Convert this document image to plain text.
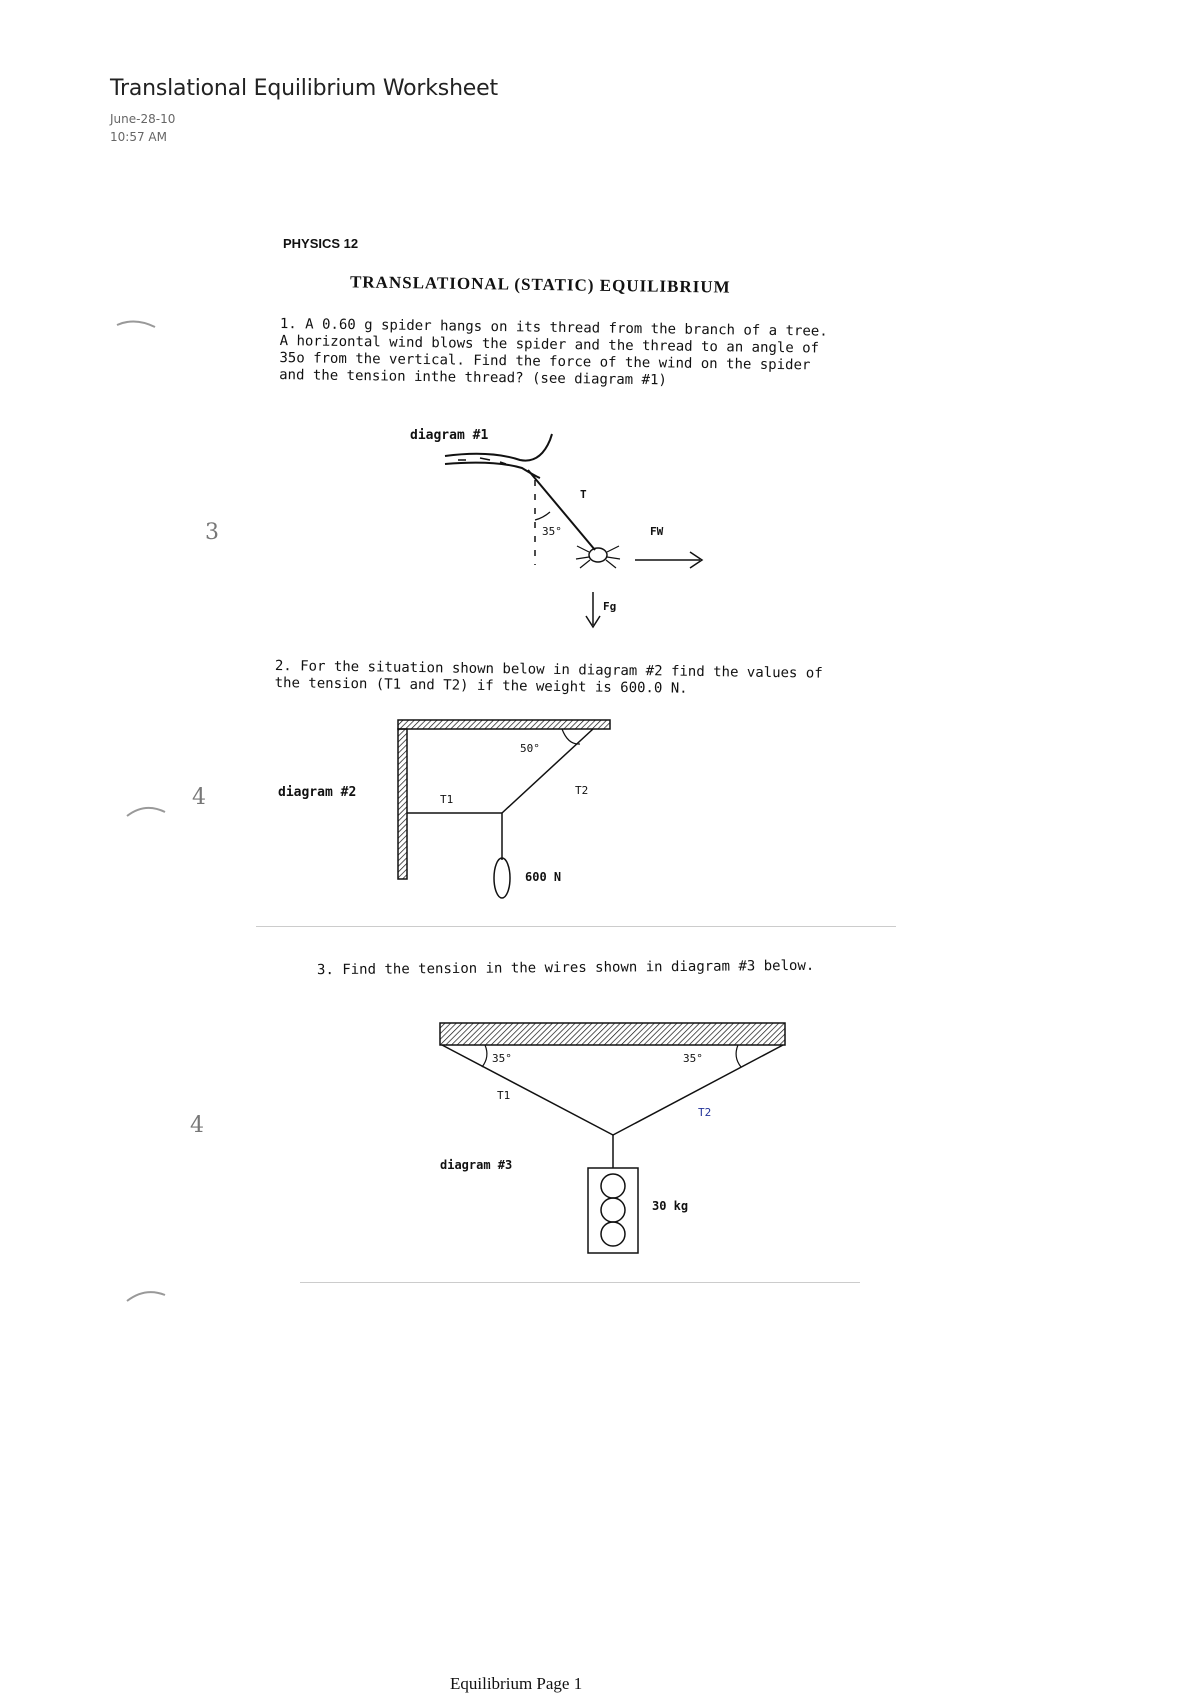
Translational Equilibrium Worksheet
June-28-10
10:57 AM
PHYSICS 12
TRANSLATIONAL (STATIC) EQUILIBRIUM
1. A 0.60 g spider hangs on its thread from the branch of a tree. A horizontal wind blows the spider and the thread to an angle of 35o from the vertical. Find the force of the wind on the spider and the tension inthe thread? (see diagram #1)
diagram #1
35°
T
FW
Fg
2. For the situation shown below in diagram #2 find the values of the tension (T1 and T2) if the weight is 600.0 N.
diagram #2
50°
T1
T2
600 N
3. Find the tension in the wires shown in diagram #3 below.
35°	35°
T1
T2
diagram #3
30 kg
3
4
4
Equilibrium Page 1
